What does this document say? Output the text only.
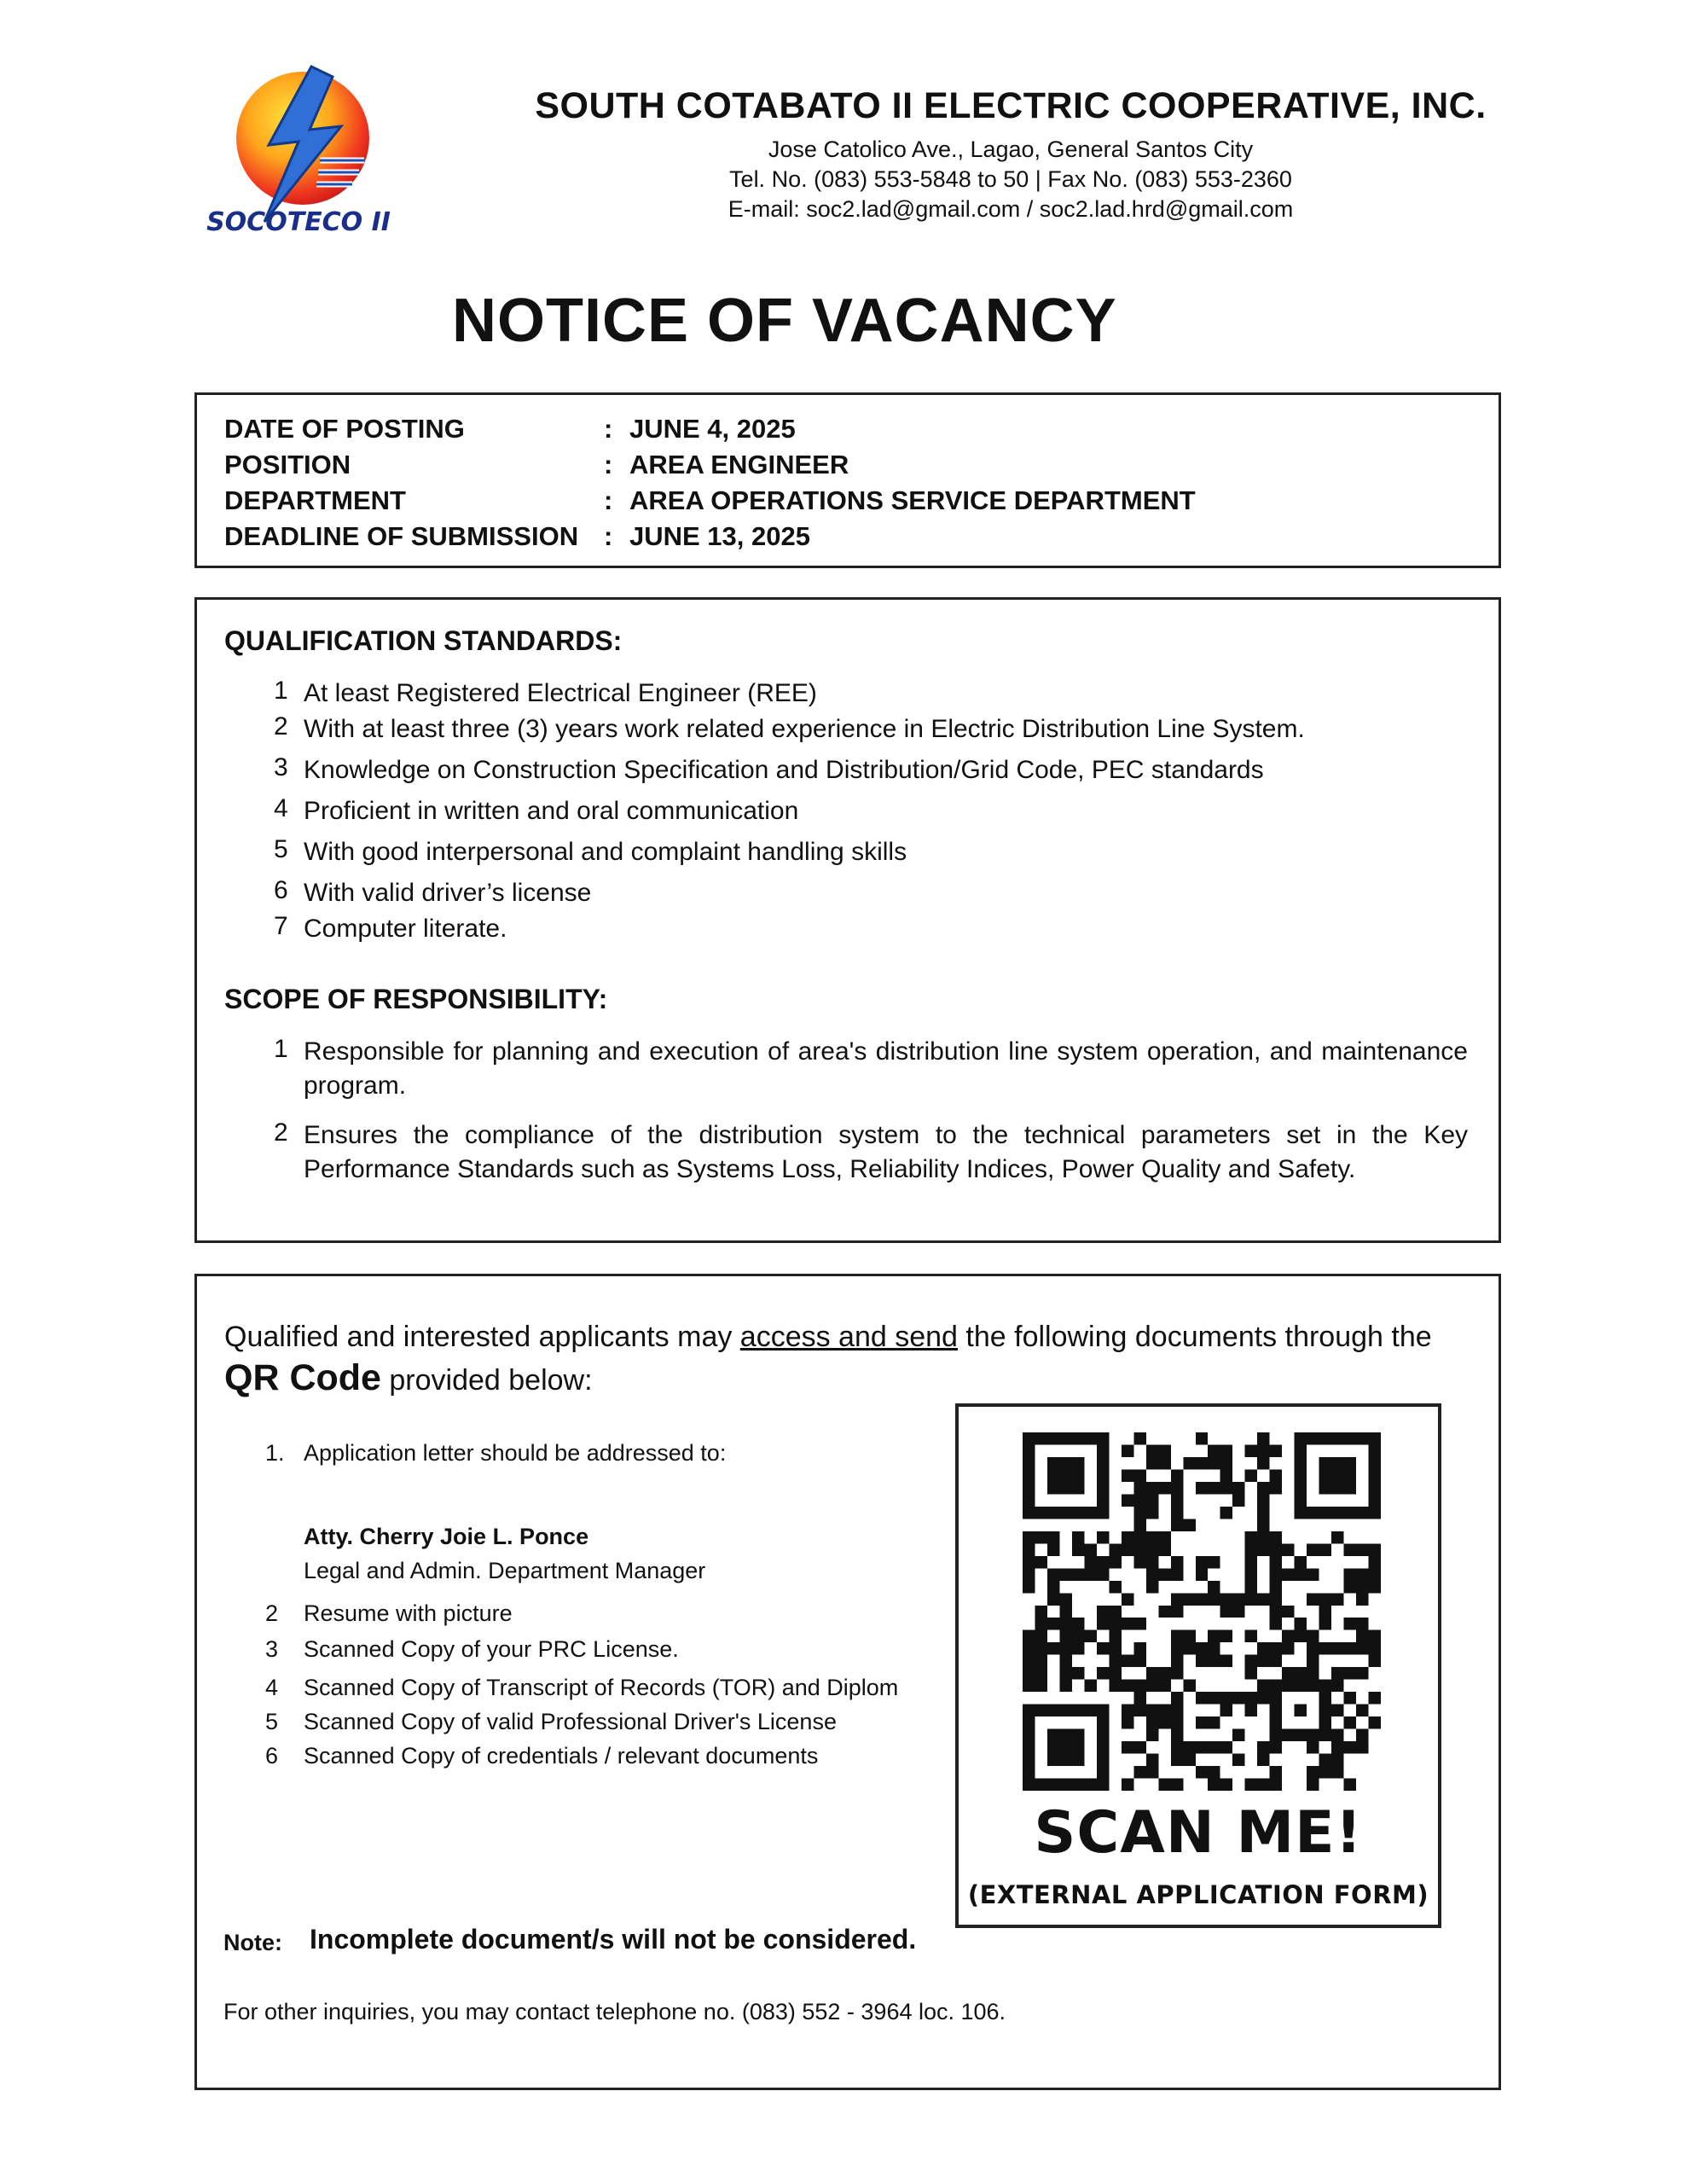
SOCOTECO II
SOUTH COTABATO II ELECTRIC COOPERATIVE, INC.
Jose Catolico Ave., Lagao, General Santos City
Tel. No. (083) 553-5848 to 50 | Fax No. (083) 553-2360
E-mail: soc2.lad@gmail.com / soc2.lad.hrd@gmail.com
NOTICE OF VACANCY
DATE OF POSTING	: JUNE 4, 2025
POSITION	: AREA ENGINEER
DEPARTMENT	: AREA OPERATIONS SERVICE DEPARTMENT
DEADLINE OF SUBMISSION : JUNE 13, 2025
QUALIFICATION STANDARDS:
1 At least Registered Electrical Engineer (REE)
2 With at least three (3) years work related experience in Electric Distribution Line System.
3 Knowledge on Construction Specification and Distribution/Grid Code, PEC standards
4 Proficient in written and oral communication
5 With good interpersonal and complaint handling skills
6 With valid driver’s license
7 Computer literate.
SCOPE OF RESPONSIBILITY:
1 Responsible for planning and execution of area's distribution line system operation, and maintenance program.
2 Ensures the compliance of the distribution system to the technical parameters set in the Key Performance Standards such as Systems Loss, Reliability Indices, Power Quality and Safety.
Qualified and interested applicants may access and send the following documents through the
QR Code provided below:
1. Application letter should be addressed to:
Atty. Cherry Joie L. Ponce
Legal and Admin. Department Manager
2 Resume with picture
3 Scanned Copy of your PRC License.
4 Scanned Copy of Transcript of Records (TOR) and Diplom
5 Scanned Copy of valid Professional Driver's License
6 Scanned Copy of credentials / relevant documents
SCAN ME!
(EXTERNAL APPLICATION FORM)
Note: Incomplete document/s will not be considered.
For other inquiries, you may contact telephone no. (083) 552 - 3964 loc. 106.
